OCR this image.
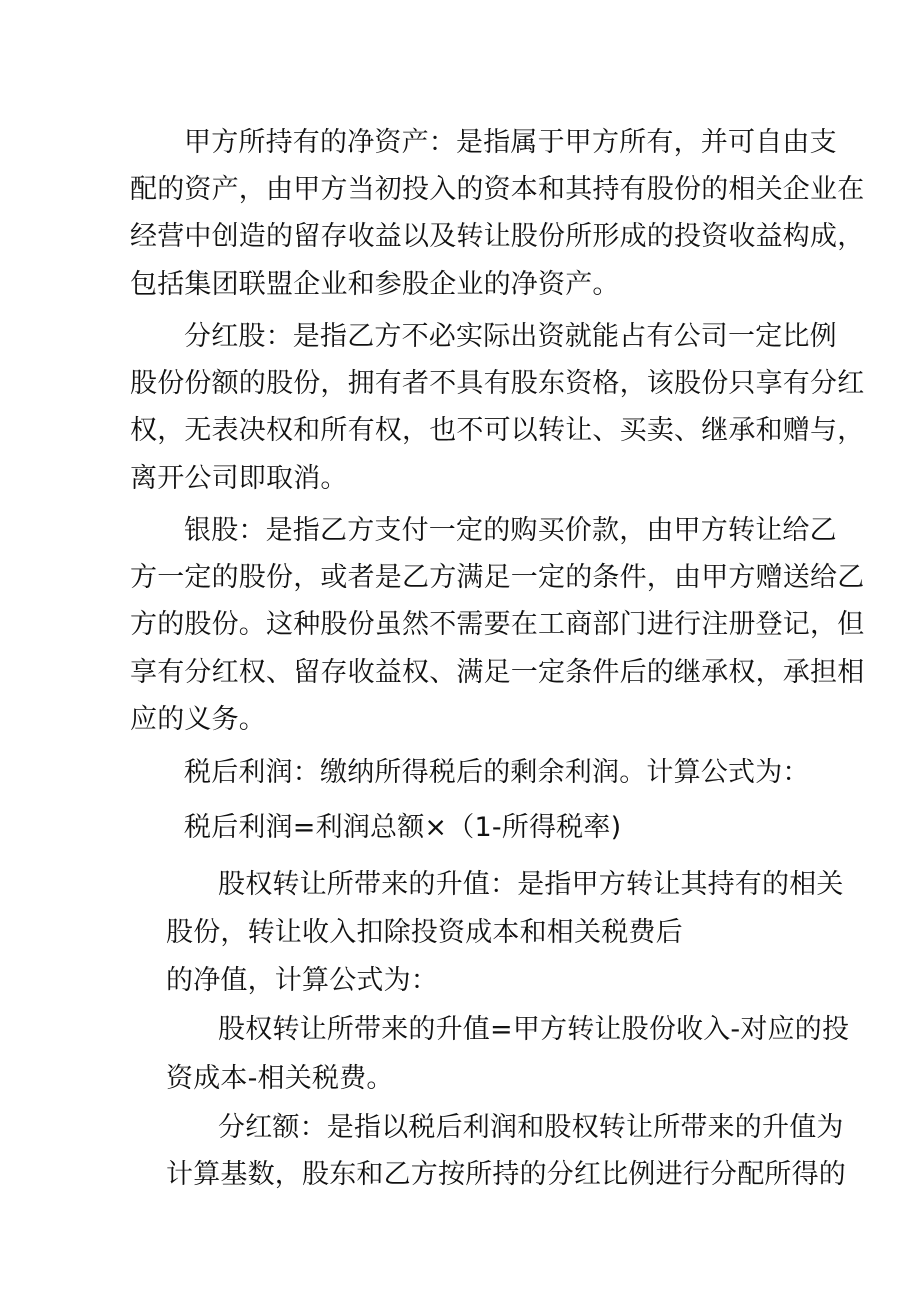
甲方所持有的净资产：是指属于甲方所有，并可自由支
配的资产，由甲方当初投入的资本和其持有股份的相关企业在
经营中创造的留存收益以及转让股份所形成的投资收益构成，
包括集团联盟企业和参股企业的净资产。
分红股：是指乙方不必实际出资就能占有公司一定比例
股份份额的股份，拥有者不具有股东资格，该股份只享有分红
权，无表决权和所有权，也不可以转让、买卖、继承和赠与，
离开公司即取消。
银股：是指乙方支付一定的购买价款，由甲方转让给乙
方一定的股份，或者是乙方满足一定的条件，由甲方赠送给乙
方的股份。这种股份虽然不需要在工商部门进行注册登记，但
享有分红权、留存收益权、满足一定条件后的继承权，承担相
应的义务。
税后利润：缴纳所得税后的剩余利润。计算公式为：
税后利润=利润总额×（1-所得税率)
股权转让所带来的升值：是指甲方转让其持有的相关
股份，转让收入扣除投资成本和相关税费后
的净值，计算公式为：
股权转让所带来的升值=甲方转让股份收入-对应的投
资成本-相关税费。
分红额：是指以税后利润和股权转让所带来的升值为
计算基数，股东和乙方按所持的分红比例进行分配所得的
